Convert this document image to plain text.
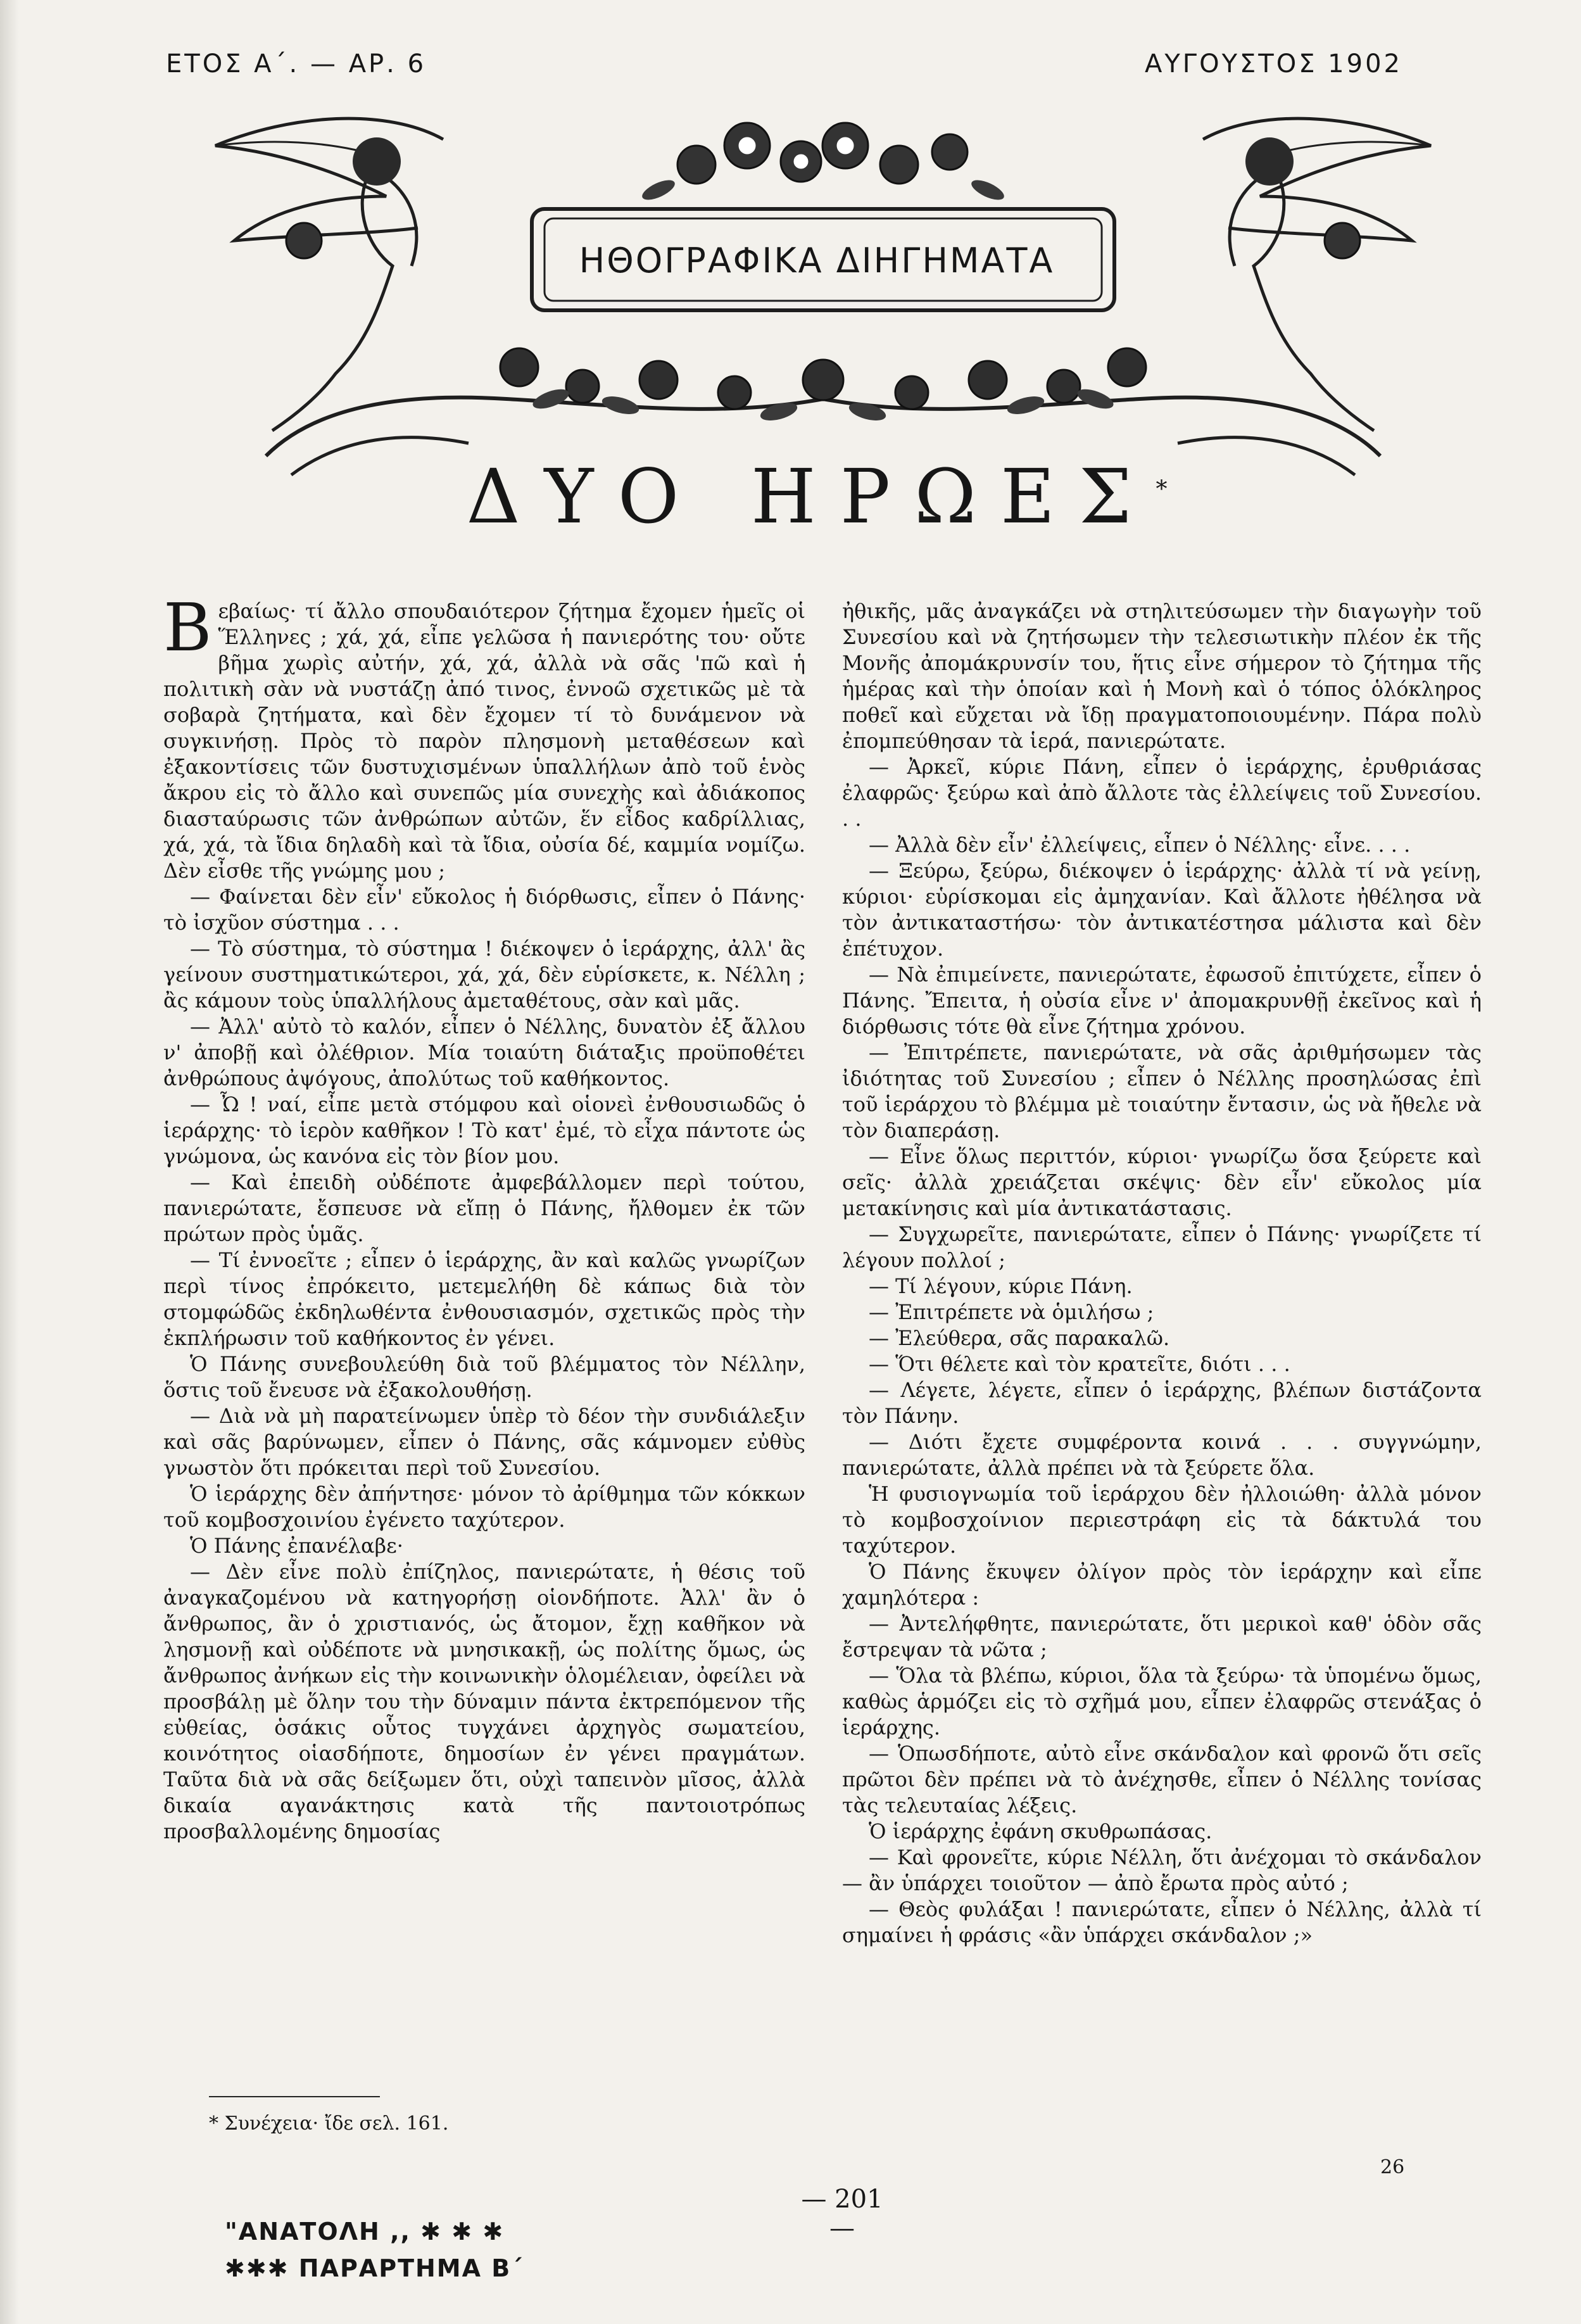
ΕΤΟΣ Α΄. — ΑΡ. 6	ΑΥΓΟΥΣΤΟΣ 1902
ΗΘΟΓΡΑΦΙΚΑ ΔΙΗΓΗΜΑΤΑ
ΔΥΟ ΗΡΩΕΣ*

Βεβαίως· τί ἄλλο σπουδαιότερον ζήτημα ἔχομεν ἡμεῖς οἱ Ἕλληνες ; χά, χά, εἶπε γελῶσα ἡ πανιερότης του· οὔτε βῆμα χωρὶς αὐτήν, χά, χά, ἀλλὰ νὰ σᾶς 'πῶ καὶ ἡ πολιτικὴ σὰν νὰ νυστάζῃ ἀπό τινος, ἐννοῶ σχετικῶς μὲ τὰ σοβαρὰ ζητήματα, καὶ δὲν ἔχομεν τί τὸ δυνάμενον νὰ συγκινήσῃ. Πρὸς τὸ παρὸν πλησμονὴ μεταθέσεων καὶ ἐξακοντίσεις τῶν δυστυχισμένων ὑπαλλήλων ἀπὸ τοῦ ἑνὸς ἄκρου εἰς τὸ ἄλλο καὶ συνεπῶς μία συνεχὴς καὶ ἀδιάκοπος διασταύρωσις τῶν ἀνθρώπων αὐτῶν, ἕν εἶδος καδρίλλιας, χά, χά, τὰ ἴδια δηλαδὴ καὶ τὰ ἴδια, οὐσία δέ, καμμία νομίζω. Δὲν εἶσθε τῆς γνώμης μου ;

— Φαίνεται δὲν εἶν' εὔκολος ἡ διόρθωσις, εἶπεν ὁ Πάνης· τὸ ἰσχῦον σύστημα . . .

— Τὸ σύστημα, τὸ σύστημα ! διέκοψεν ὁ ἱεράρχης, ἀλλ' ἂς γείνουν συστηματικώτεροι, χά, χά, δὲν εὑρίσκετε, κ. Νέλλη ; ἂς κάμουν τοὺς ὑπαλλήλους ἀμεταθέτους, σὰν καὶ μᾶς.

— Ἀλλ' αὐτὸ τὸ καλόν, εἶπεν ὁ Νέλλης, δυνατὸν ἐξ ἄλλου ν' ἀποβῇ καὶ ὀλέθριον. Μία τοιαύτη διάταξις προϋποθέτει ἀνθρώπους ἀψόγους, ἀπολύτως τοῦ καθήκοντος.

— Ὦ ! ναί, εἶπε μετὰ στόμφου καὶ οἱονεὶ ἐνθουσιωδῶς ὁ ἱεράρχης· τὸ ἱερὸν καθῆκον ! Τὸ κατ' ἐμέ, τὸ εἶχα πάντοτε ὡς γνώμονα, ὡς κανόνα εἰς τὸν βίον μου.

— Καὶ ἐπειδὴ οὐδέποτε ἀμφεβάλλομεν περὶ τούτου, πανιερώτατε, ἔσπευσε νὰ εἴπῃ ὁ Πάνης, ἤλθομεν ἐκ τῶν πρώτων πρὸς ὑμᾶς.

— Τί ἐννοεῖτε ; εἶπεν ὁ ἱεράρχης, ἂν καὶ καλῶς γνωρίζων περὶ τίνος ἐπρόκειτο, μετεμελήθη δὲ κάπως διὰ τὸν στομφώδῶς ἐκδηλωθέντα ἐνθουσιασμόν, σχετικῶς πρὸς τὴν ἐκπλήρωσιν τοῦ καθήκοντος ἐν γένει.

Ὁ Πάνης συνεβουλεύθη διὰ τοῦ βλέμματος τὸν Νέλλην, ὅστις τοῦ ἔνευσε νὰ ἐξακολουθήσῃ.

— Διὰ νὰ μὴ παρατείνωμεν ὑπὲρ τὸ δέον τὴν συνδιάλεξιν καὶ σᾶς βαρύνωμεν, εἶπεν ὁ Πάνης, σᾶς κάμνομεν εὐθὺς γνωστὸν ὅτι πρόκειται περὶ τοῦ Συνεσίου.

Ὁ ἱεράρχης δὲν ἀπήντησε· μόνον τὸ ἀρίθμημα τῶν κόκκων τοῦ κομβοσχοινίου ἐγένετο ταχύτερον.

Ὁ Πάνης ἐπανέλαβε·

— Δὲν εἶνε πολὺ ἐπίζηλος, πανιερώτατε, ἡ θέσις τοῦ ἀναγκαζομένου νὰ κατηγορήσῃ οἱονδήποτε. Ἀλλ' ἂν ὁ ἄνθρωπος, ἂν ὁ χριστιανός, ὡς ἄτομον, ἔχῃ καθῆκον νὰ λησμονῇ καὶ οὐδέποτε νὰ μνησικακῇ, ὡς πολίτης ὅμως, ὡς ἄνθρωπος ἀνήκων εἰς τὴν κοινωνικὴν ὁλομέλειαν, ὀφείλει νὰ προσβάλῃ μὲ ὅλην του τὴν δύναμιν πάντα ἐκτρεπόμενον τῆς εὐθείας, ὁσάκις οὗτος τυγχάνει ἀρχηγὸς σωματείου, κοινότητος οἱασδήποτε, δημοσίων ἐν γένει πραγμάτων. Ταῦτα διὰ νὰ σᾶς δείξωμεν ὅτι, οὐχὶ ταπεινὸν μῖσος, ἀλλὰ δικαία αγανάκτησις κατὰ τῆς παντοιοτρόπως προσβαλλομένης δημοσίας

ἠθικῆς, μᾶς ἀναγκάζει νὰ στηλιτεύσωμεν τὴν διαγωγὴν τοῦ Συνεσίου καὶ νὰ ζητήσωμεν τὴν τελεσιωτικὴν πλέον ἐκ τῆς Μονῆς ἀπομάκρυνσίν του, ἥτις εἶνε σήμερον τὸ ζήτημα τῆς ἡμέρας καὶ τὴν ὁποίαν καὶ ἡ Μονὴ καὶ ὁ τόπος ὁλόκληρος ποθεῖ καὶ εὔχεται νὰ ἴδῃ πραγματοποιουμένην. Πάρα πολὺ ἐπομπεύθησαν τὰ ἱερά, πανιερώτατε.

— Ἀρκεῖ, κύριε Πάνη, εἶπεν ὁ ἱεράρχης, ἐρυθριάσας ἐλαφρῶς· ξεύρω καὶ ἀπὸ ἄλλοτε τὰς ἐλλείψεις τοῦ Συνεσίου. . .

— Ἀλλὰ δὲν εἶν' ἐλλείψεις, εἶπεν ὁ Νέλλης· εἶνε. . . .

— Ξεύρω, ξεύρω, διέκοψεν ὁ ἱεράρχης· ἀλλὰ τί νὰ γείνῃ, κύριοι· εὑρίσκομαι εἰς ἀμηχανίαν. Καὶ ἄλλοτε ἠθέλησα νὰ τὸν ἀντικαταστήσω· τὸν ἀντικατέστησα μάλιστα καὶ δὲν ἐπέτυχον.

— Νὰ ἐπιμείνετε, πανιερώτατε, ἐφωσοῦ ἐπιτύχετε, εἶπεν ὁ Πάνης. Ἔπειτα, ἡ οὐσία εἶνε ν' ἀπομακρυνθῇ ἐκεῖνος καὶ ἡ διόρθωσις τότε θὰ εἶνε ζήτημα χρόνου.

— Ἐπιτρέπετε, πανιερώτατε, νὰ σᾶς ἀριθμήσωμεν τὰς ἰδιότητας τοῦ Συνεσίου ; εἶπεν ὁ Νέλλης προσηλώσας ἐπὶ τοῦ ἱεράρχου τὸ βλέμμα μὲ τοιαύτην ἔντασιν, ὡς νὰ ἤθελε νὰ τὸν διαπεράσῃ.

— Εἶνε ὅλως περιττόν, κύριοι· γνωρίζω ὅσα ξεύρετε καὶ σεῖς· ἀλλὰ χρειάζεται σκέψις· δὲν εἶν' εὔκολος μία μετακίνησις καὶ μία ἀντικατάστασις.

— Συγχωρεῖτε, πανιερώτατε, εἶπεν ὁ Πάνης· γνωρίζετε τί λέγουν πολλοί ;

— Τί λέγουν, κύριε Πάνη.

— Ἐπιτρέπετε νὰ ὁμιλήσω ;

— Ἐλεύθερα, σᾶς παρακαλῶ.

— Ὅτι θέλετε καὶ τὸν κρατεῖτε, διότι . . .

— Λέγετε, λέγετε, εἶπεν ὁ ἱεράρχης, βλέπων διστάζοντα τὸν Πάνην.

— Διότι ἔχετε συμφέροντα κοινά . . . συγγνώμην, πανιερώτατε, ἀλλὰ πρέπει νὰ τὰ ξεύρετε ὅλα.

Ἡ φυσιογνωμία τοῦ ἱεράρχου δὲν ἠλλοιώθη· ἀλλὰ μόνον τὸ κομβοσχοίνιον περιεστράφη εἰς τὰ δάκτυλά του ταχύτερον.

Ὁ Πάνης ἔκυψεν ὀλίγον πρὸς τὸν ἱεράρχην καὶ εἶπε χαμηλότερα :

— Ἀντελήφθητε, πανιερώτατε, ὅτι μερικοὶ καθ' ὁδὸν σᾶς ἔστρεψαν τὰ νῶτα ;

— Ὅλα τὰ βλέπω, κύριοι, ὅλα τὰ ξεύρω· τὰ ὑπομένω ὅμως, καθὼς ἁρμόζει εἰς τὸ σχῆμά μου, εἶπεν ἐλαφρῶς στενάξας ὁ ἱεράρχης.

— Ὁπωσδήποτε, αὐτὸ εἶνε σκάνδαλον καὶ φρονῶ ὅτι σεῖς πρῶτοι δὲν πρέπει νὰ τὸ ἀνέχησθε, εἶπεν ὁ Νέλλης τονίσας τὰς τελευταίας λέξεις.

Ὁ ἱεράρχης ἐφάνη σκυθρωπάσας.

— Καὶ φρονεῖτε, κύριε Νέλλη, ὅτι ἀνέχομαι τὸ σκάνδαλον — ἂν ὑπάρχει τοιοῦτον — ἀπὸ ἔρωτα πρὸς αὐτό ;

— Θεὸς φυλάξαι ! πανιερώτατε, εἶπεν ὁ Νέλλης, ἀλλὰ τί σημαίνει ἡ φράσις «ἂν ὑπάρχει σκάνδαλον ;»

* Συνέχεια· ἴδε σελ. 161.
26
— 201 —
"ΑΝΑΤΟΛΗ ,, ✱ ✱ ✱
✱✱✱ ΠΑΡΑΡΤΗΜΑ Β΄
